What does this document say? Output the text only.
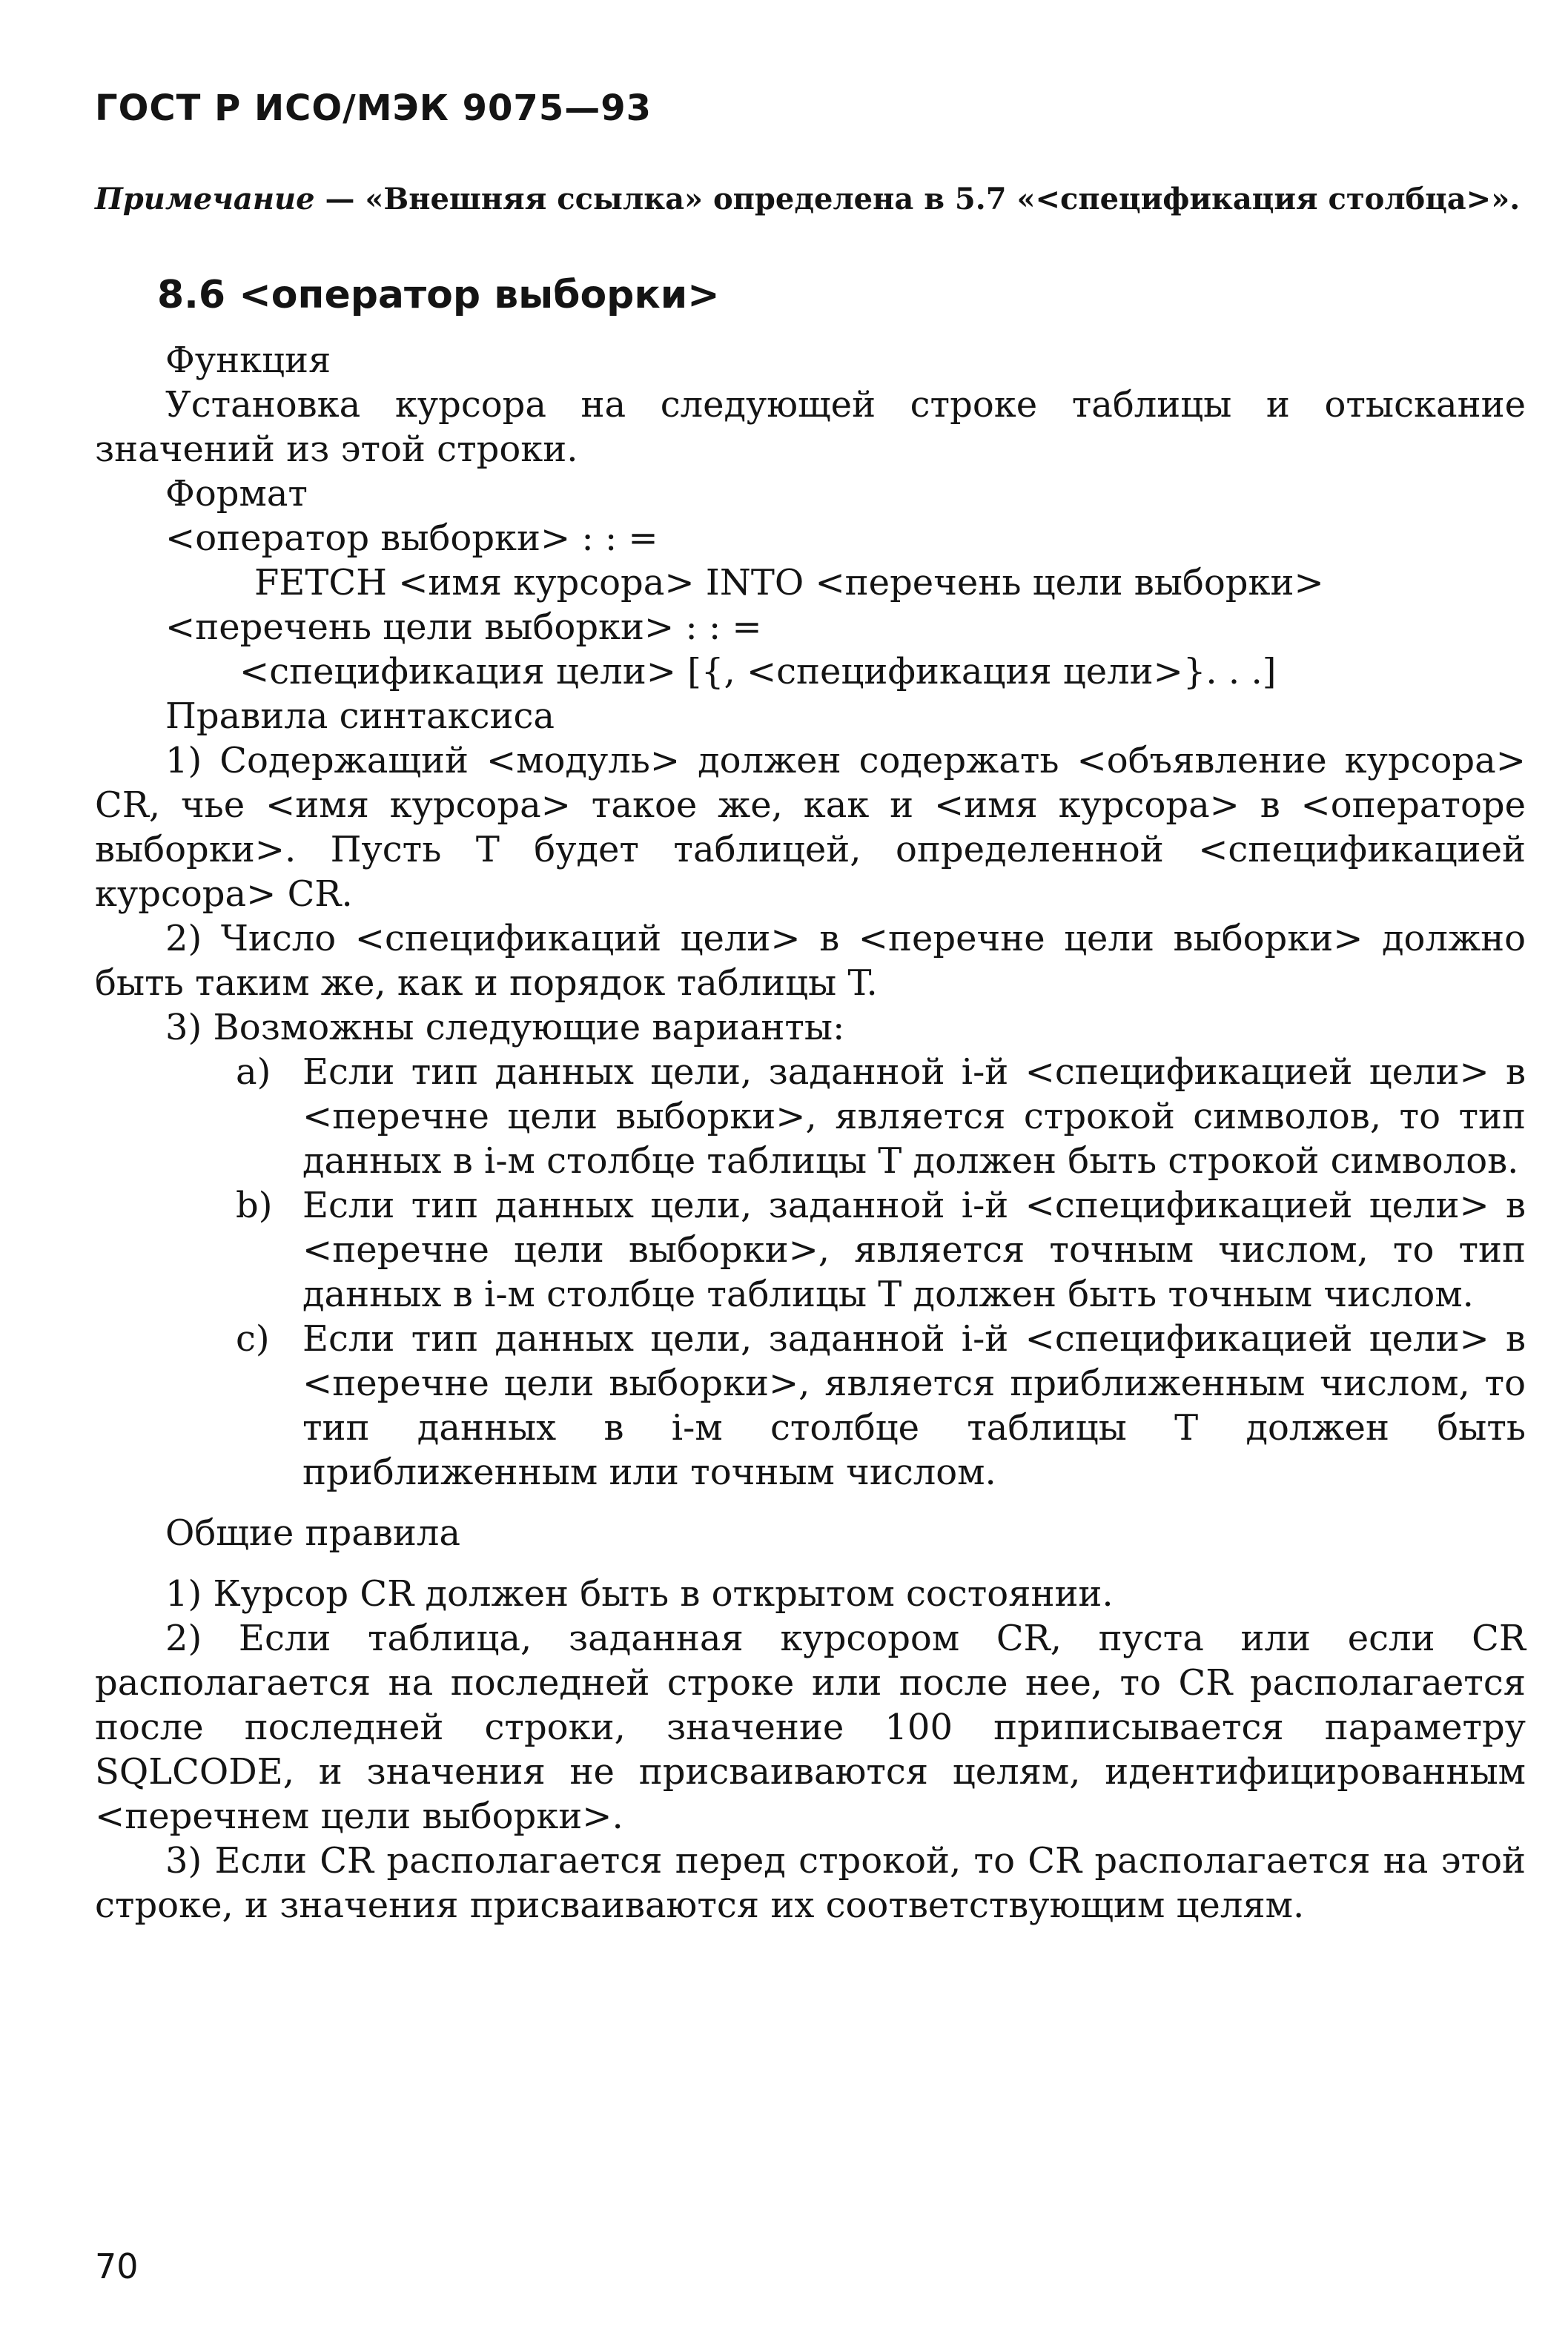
ГОСТ Р ИСО/МЭК 9075—93
Примечание — «Внешняя ссылка» определена в 5.7 «<спецификация столбца>».
8.6 <оператор выборки>

Функция

Установка курсора на следующей строке таблицы и отыскание значений из этой строки.

Формат

<оператор выборки> : : =

FETCH <имя курсора> INTO <перечень цели выборки>

<перечень цели выборки> : : =

<спецификация цели> [{, <спецификация цели>}. . .]

Правила синтаксиса

1) Содержащий <модуль> должен содержать <объявление курсора> CR, чье <имя курсора> такое же, как и <имя курсора> в <операторе выборки>. Пусть T будет таблицей, определенной <спецификацией курсора> CR.

2) Число <спецификаций цели> в <перечне цели выборки> должно быть таким же, как и порядок таблицы T.

3) Возможны следующие варианты:

a) Если тип данных цели, заданной i-й <спецификацией цели> в <перечне цели выборки>, является строкой символов, то тип данных в i-м столбце таблицы T должен быть строкой символов.
b) Если тип данных цели, заданной i-й <спецификацией цели> в <перечне цели выборки>, является точным числом, то тип данных в i-м столбце таблицы T должен быть точным числом.
c) Если тип данных цели, заданной i-й <спецификацией цели> в <перечне цели выборки>, является приближенным числом, то тип данных в i-м столбце таблицы T должен быть приближенным или точным числом.

Общие правила

1) Курсор CR должен быть в открытом состоянии.

2) Если таблица, заданная курсором CR, пуста или если CR располагается на последней строке или после нее, то CR располагается после последней строки, значение 100 приписывается параметру SQLCODE, и значения не присваиваются целям, идентифицированным <перечнем цели выборки>.

3) Если CR располагается перед строкой, то CR располагается на этой строке, и значения присваиваются их соответствующим целям.

70
